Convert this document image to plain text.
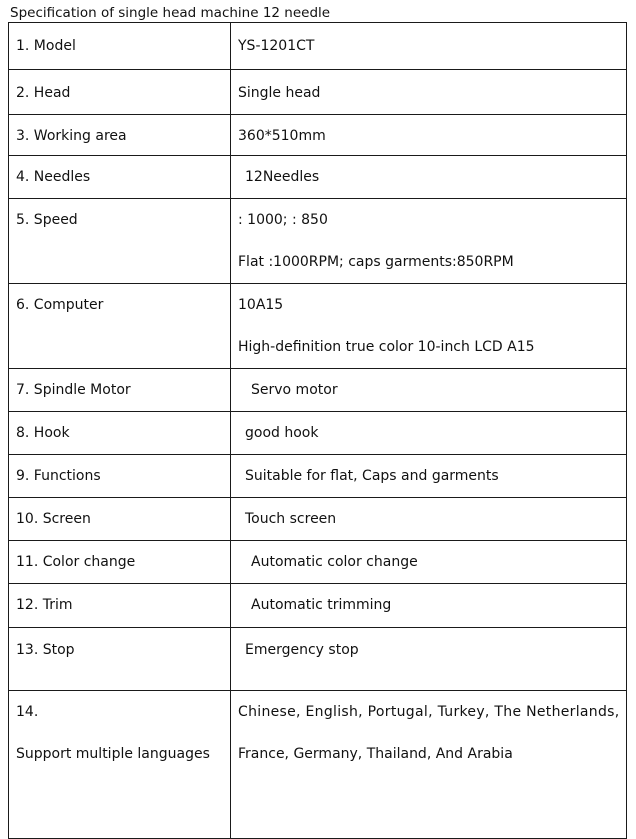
Specification of single head machine 12 needle
1. Model	YS-1201CT

2. Head	Single head

3. Working area	360*510mm

4. Needles	12Needles

5. Speed	: 1000; : 850
Flat :1000RPM; caps garments:850RPM

6. Computer	10A15
High-definition true color 10-inch LCD A15

7. Spindle Motor	Servo motor

8. Hook	good hook

9. Functions	Suitable for flat, Caps and garments

10. Screen	Touch screen

11. Color change	Automatic color change

12. Trim	Automatic trimming

13. Stop	Emergency stop

14.
Support multiple languages	Chinese, English, Portugal, Turkey, The Netherlands,
France, Germany, Thailand, And Arabia
